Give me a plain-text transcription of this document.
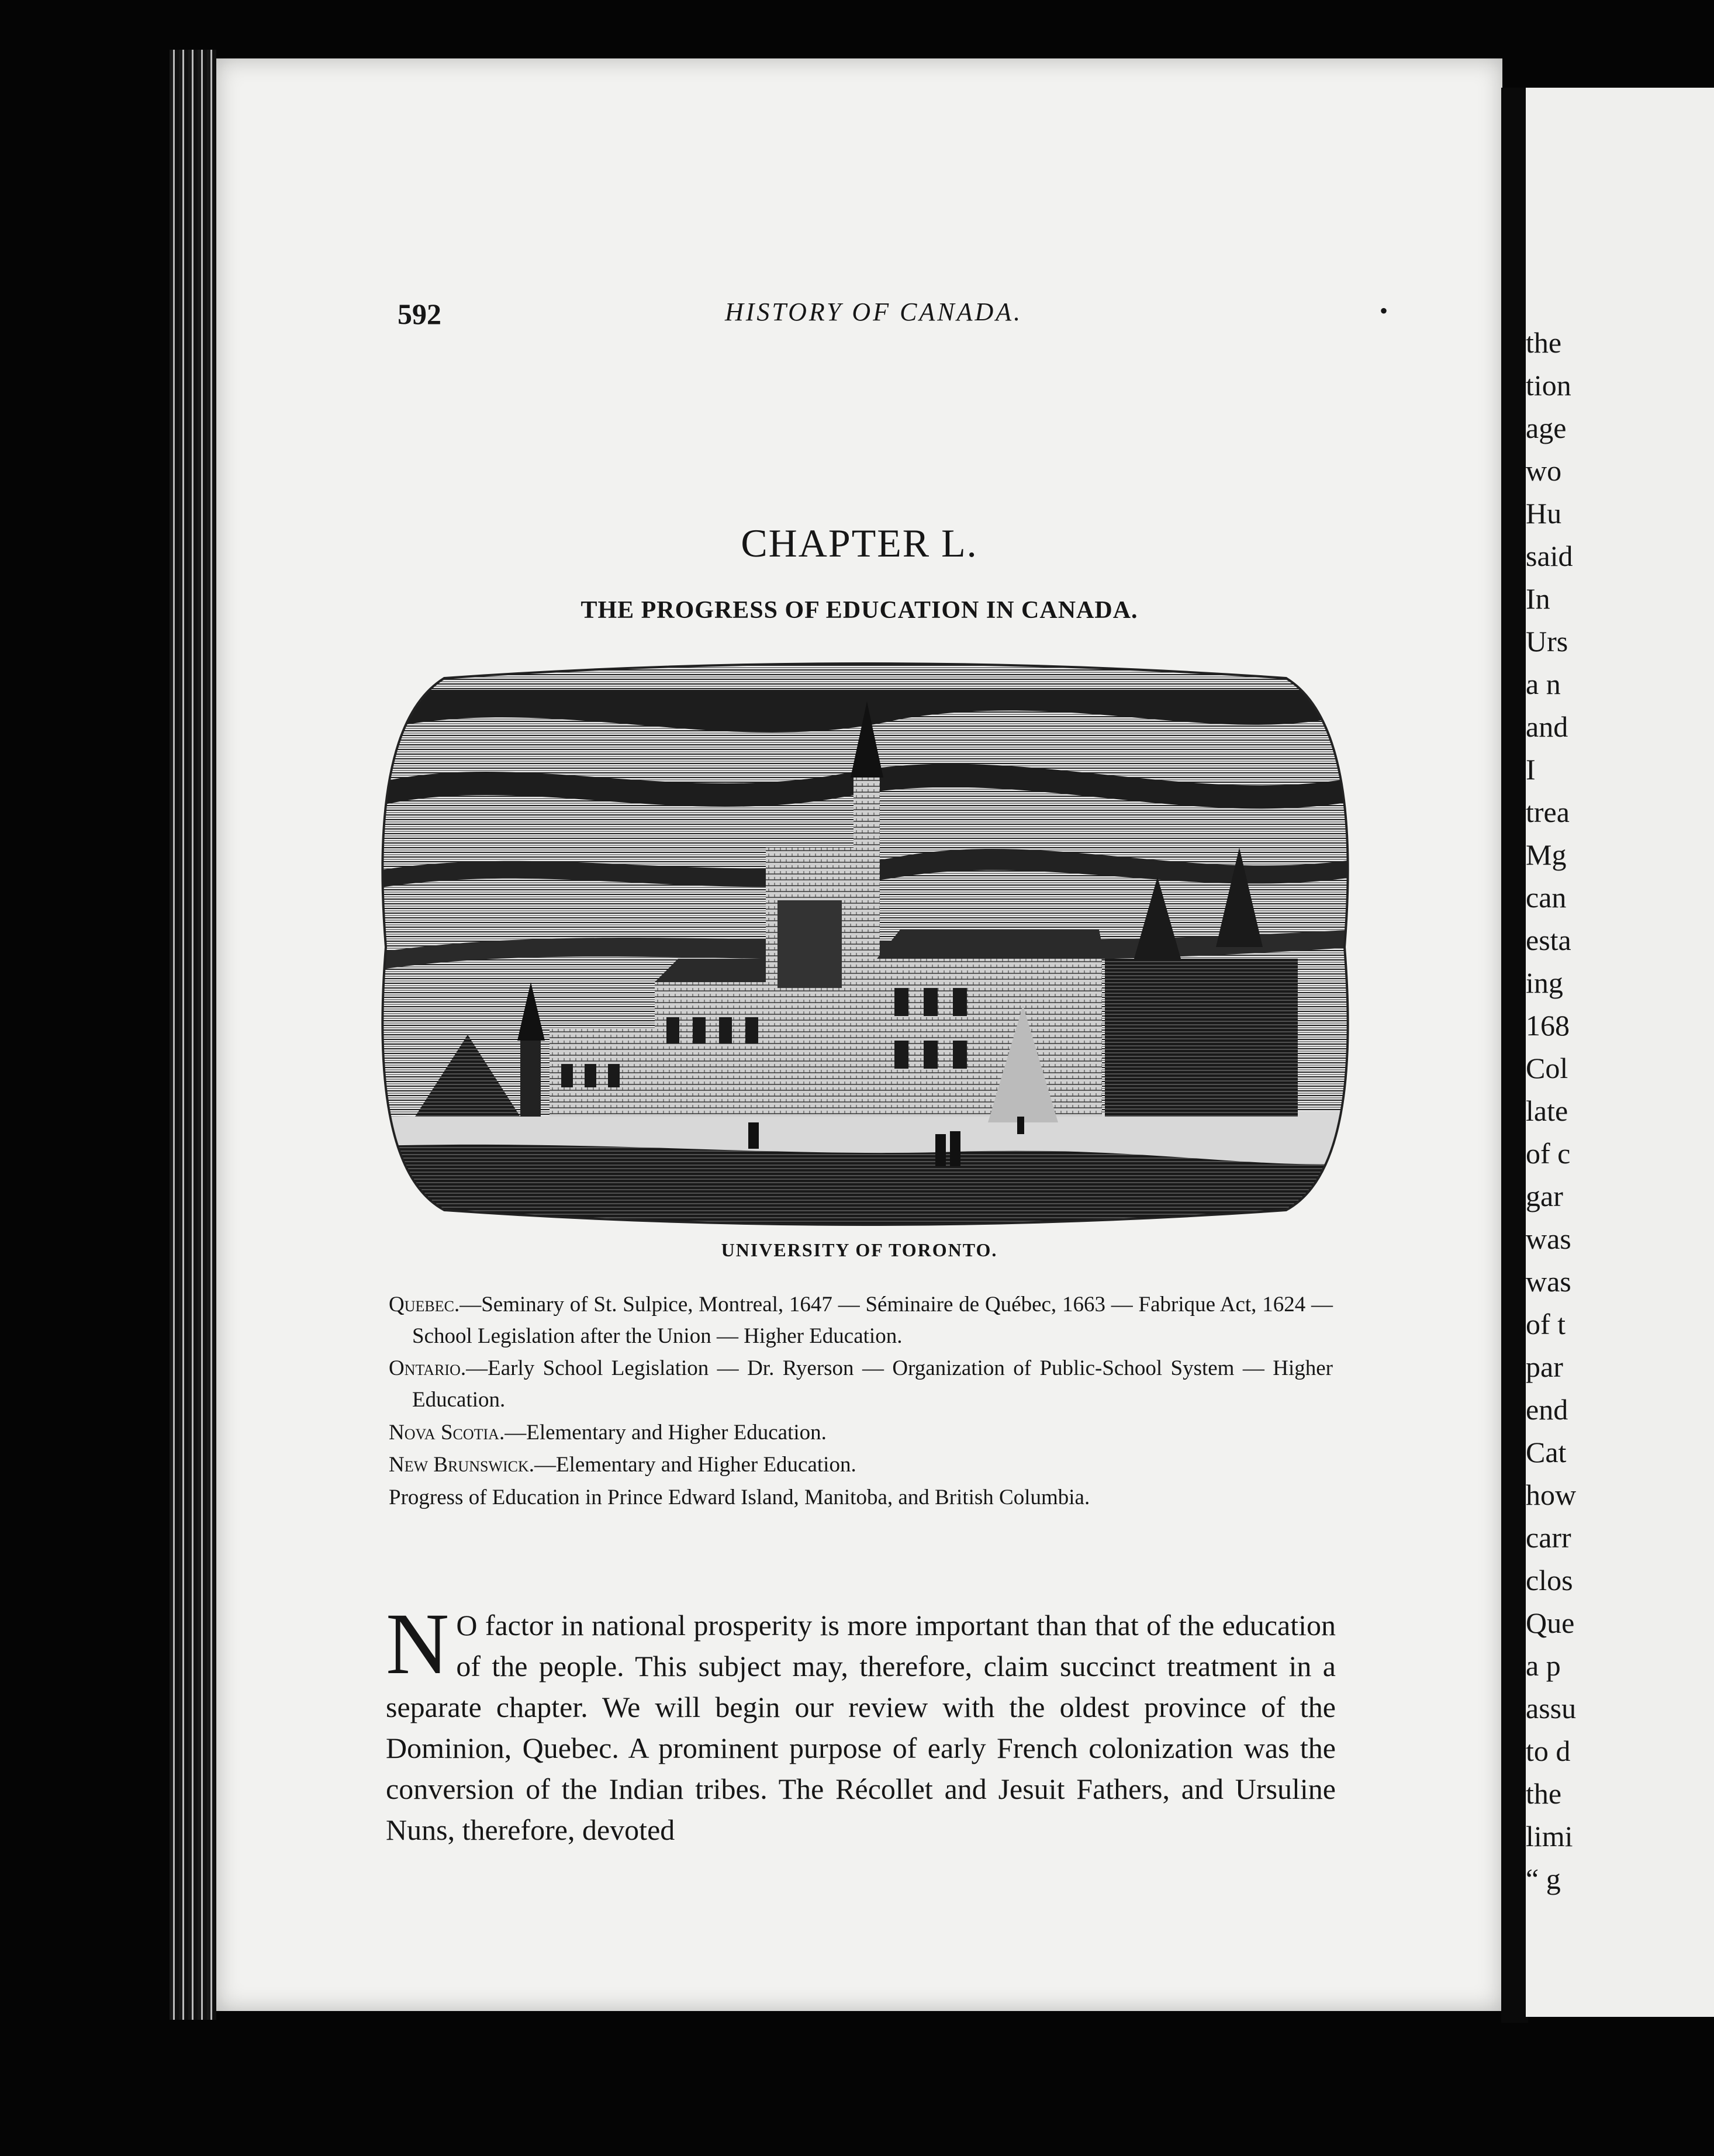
592	HISTORY OF CANADA.	•
CHAPTER L.
THE PROGRESS OF EDUCATION IN CANADA.
UNIVERSITY OF TORONTO.

Quebec.—Seminary of St. Sulpice, Montreal, 1647 — Séminaire de Québec, 1663 — Fabrique Act, 1624 — School Legislation after the Union — Higher Education.

Ontario.—Early School Legislation — Dr. Ryerson — Organization of Public-School System — Higher Education.

Nova Scotia.—Elementary and Higher Education.

New Brunswick.—Elementary and Higher Education.

Progress of Education in Prince Edward Island, Manitoba, and British Columbia.

N O factor in national prosperity is more important than that of the education of the people. This subject may, therefore, claim succinct treatment in a separate chapter. We will begin our review with the oldest province of the Dominion, Quebec. A prominent purpose of early French colonization was the conversion of the Indian tribes. The Récollet and Jesuit Fathers, and Ursuline Nuns, therefore, devoted
the
tion
age
wo
Hu
said
In
Urs
a n
and
I
trea
Mg
can
esta
ing
168
Col
late
of c
gar
was
was
of t
par
end
Cat
how
carr
clos
Que
a p
assu
to d
the
limi
“ g
